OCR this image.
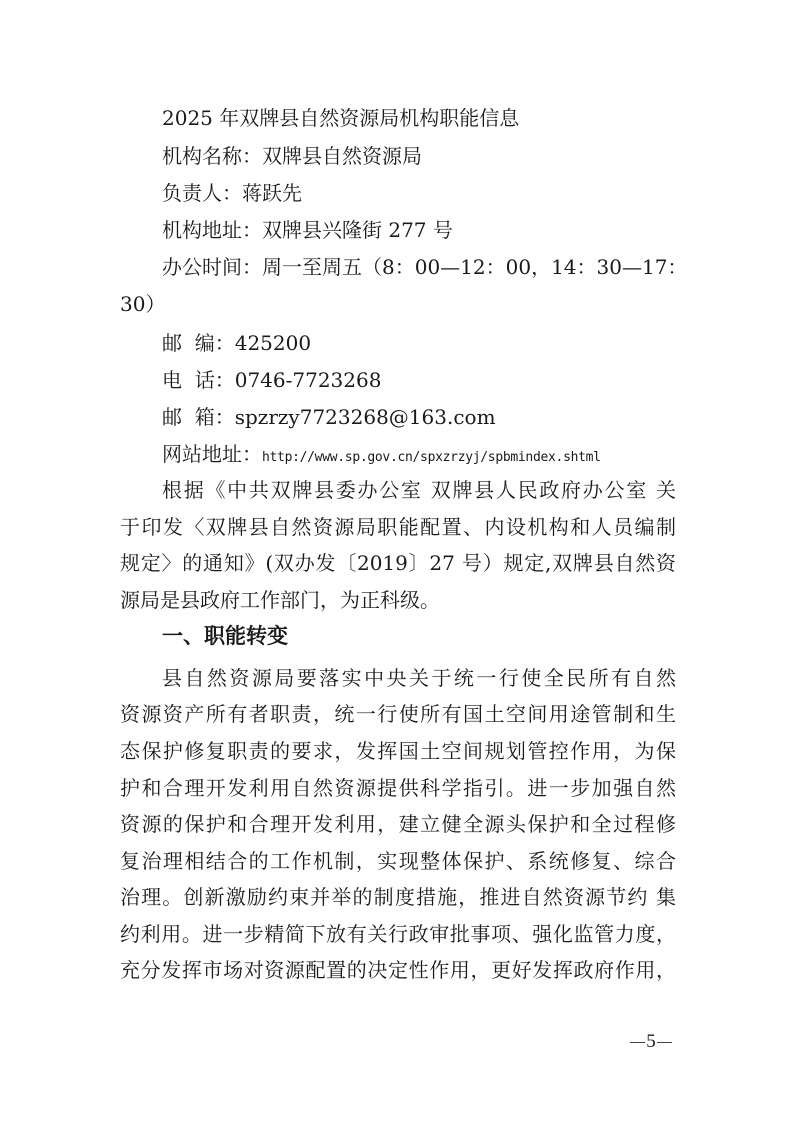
2025 年双牌县自然资源局机构职能信息
机构名称：双牌县自然资源局
负责人：蒋跃先
机构地址：双牌县兴隆街 277 号
办公时间：周一至周五（8：00—12：00，14：30—17：
30）
邮  编：425200
电  话：0746-7723268
邮  箱：spzrzy7723268@163.com
网站地址：http://www.sp.gov.cn/spxzrzyj/spbmindex.shtml
根据《中共双牌县委办公室 双牌县人民政府办公室 关
于印发〈双牌县自然资源局职能配置、内设机构和人员编制
规定〉的通知》(双办发〔2019〕27 号）规定,双牌县自然资
源局是县政府工作部门，为正科级。
一、职能转变
县自然资源局要落实中央关于统一行使全民所有自然
资源资产所有者职责，统一行使所有国土空间用途管制和生
态保护修复职责的要求，发挥国土空间规划管控作用，为保
护和合理开发利用自然资源提供科学指引。进一步加强自然
资源的保护和合理开发利用，建立健全源头保护和全过程修
复治理相结合的工作机制，实现整体保护、系统修复、综合
治理。创新激励约束并举的制度措施，推进自然资源节约 集
约利用。进一步精简下放有关行政审批事项、强化监管力度，
充分发挥市场对资源配置的决定性作用，更好发挥政府作用，
5
